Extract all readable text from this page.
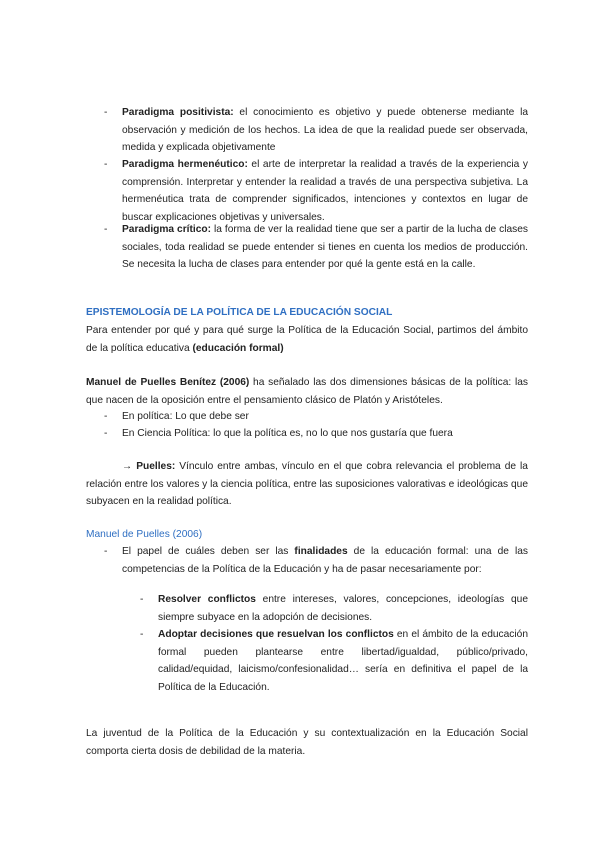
- Paradigma positivista: el conocimiento es objetivo y puede obtenerse mediante la observación y medición de los hechos. La idea de que la realidad puede ser observada, medida y explicada objetivamente

- Paradigma hermenéutico: el arte de interpretar la realidad a través de la experiencia y comprensión. Interpretar y entender la realidad a través de una perspectiva subjetiva. La hermenéutica trata de comprender significados, intenciones y contextos en lugar de buscar explicaciones objetivas y universales.

- Paradigma crítico: la forma de ver la realidad tiene que ser a partir de la lucha de clases sociales, toda realidad se puede entender si tienes en cuenta los medios de producción. Se necesita la lucha de clases para entender por qué la gente está en la calle.

EPISTEMOLOGÍA DE LA POLÍTICA DE LA EDUCACIÓN SOCIAL

Para entender por qué y para qué surge la Política de la Educación Social, partimos del ámbito de la política educativa (educación formal)

Manuel de Puelles Benítez (2006) ha señalado las dos dimensiones básicas de la política: las que nacen de la oposición entre el pensamiento clásico de Platón y Aristóteles.

- En política: Lo que debe ser

- En Ciencia Política: lo que la política es, no lo que nos gustaría que fuera

→ Puelles: Vínculo entre ambas, vínculo en el que cobra relevancia el problema de la relación entre los valores y la ciencia política, entre las suposiciones valorativas e ideológicas que subyacen en la realidad política.

Manuel de Puelles (2006)

- El papel de cuáles deben ser las finalidades de la educación formal: una de las competencias de la Política de la Educación y ha de pasar necesariamente por:

- Resolver conflictos entre intereses, valores, concepciones, ideologías que siempre subyace en la adopción de decisiones.

- Adoptar decisiones que resuelvan los conflictos en el ámbito de la educación formal pueden plantearse entre libertad/igualdad, público/privado, calidad/equidad, laicismo/confesionalidad… sería en definitiva el papel de la Política de la Educación.

La juventud de la Política de la Educación y su contextualización en la Educación Social comporta cierta dosis de debilidad de la materia.
